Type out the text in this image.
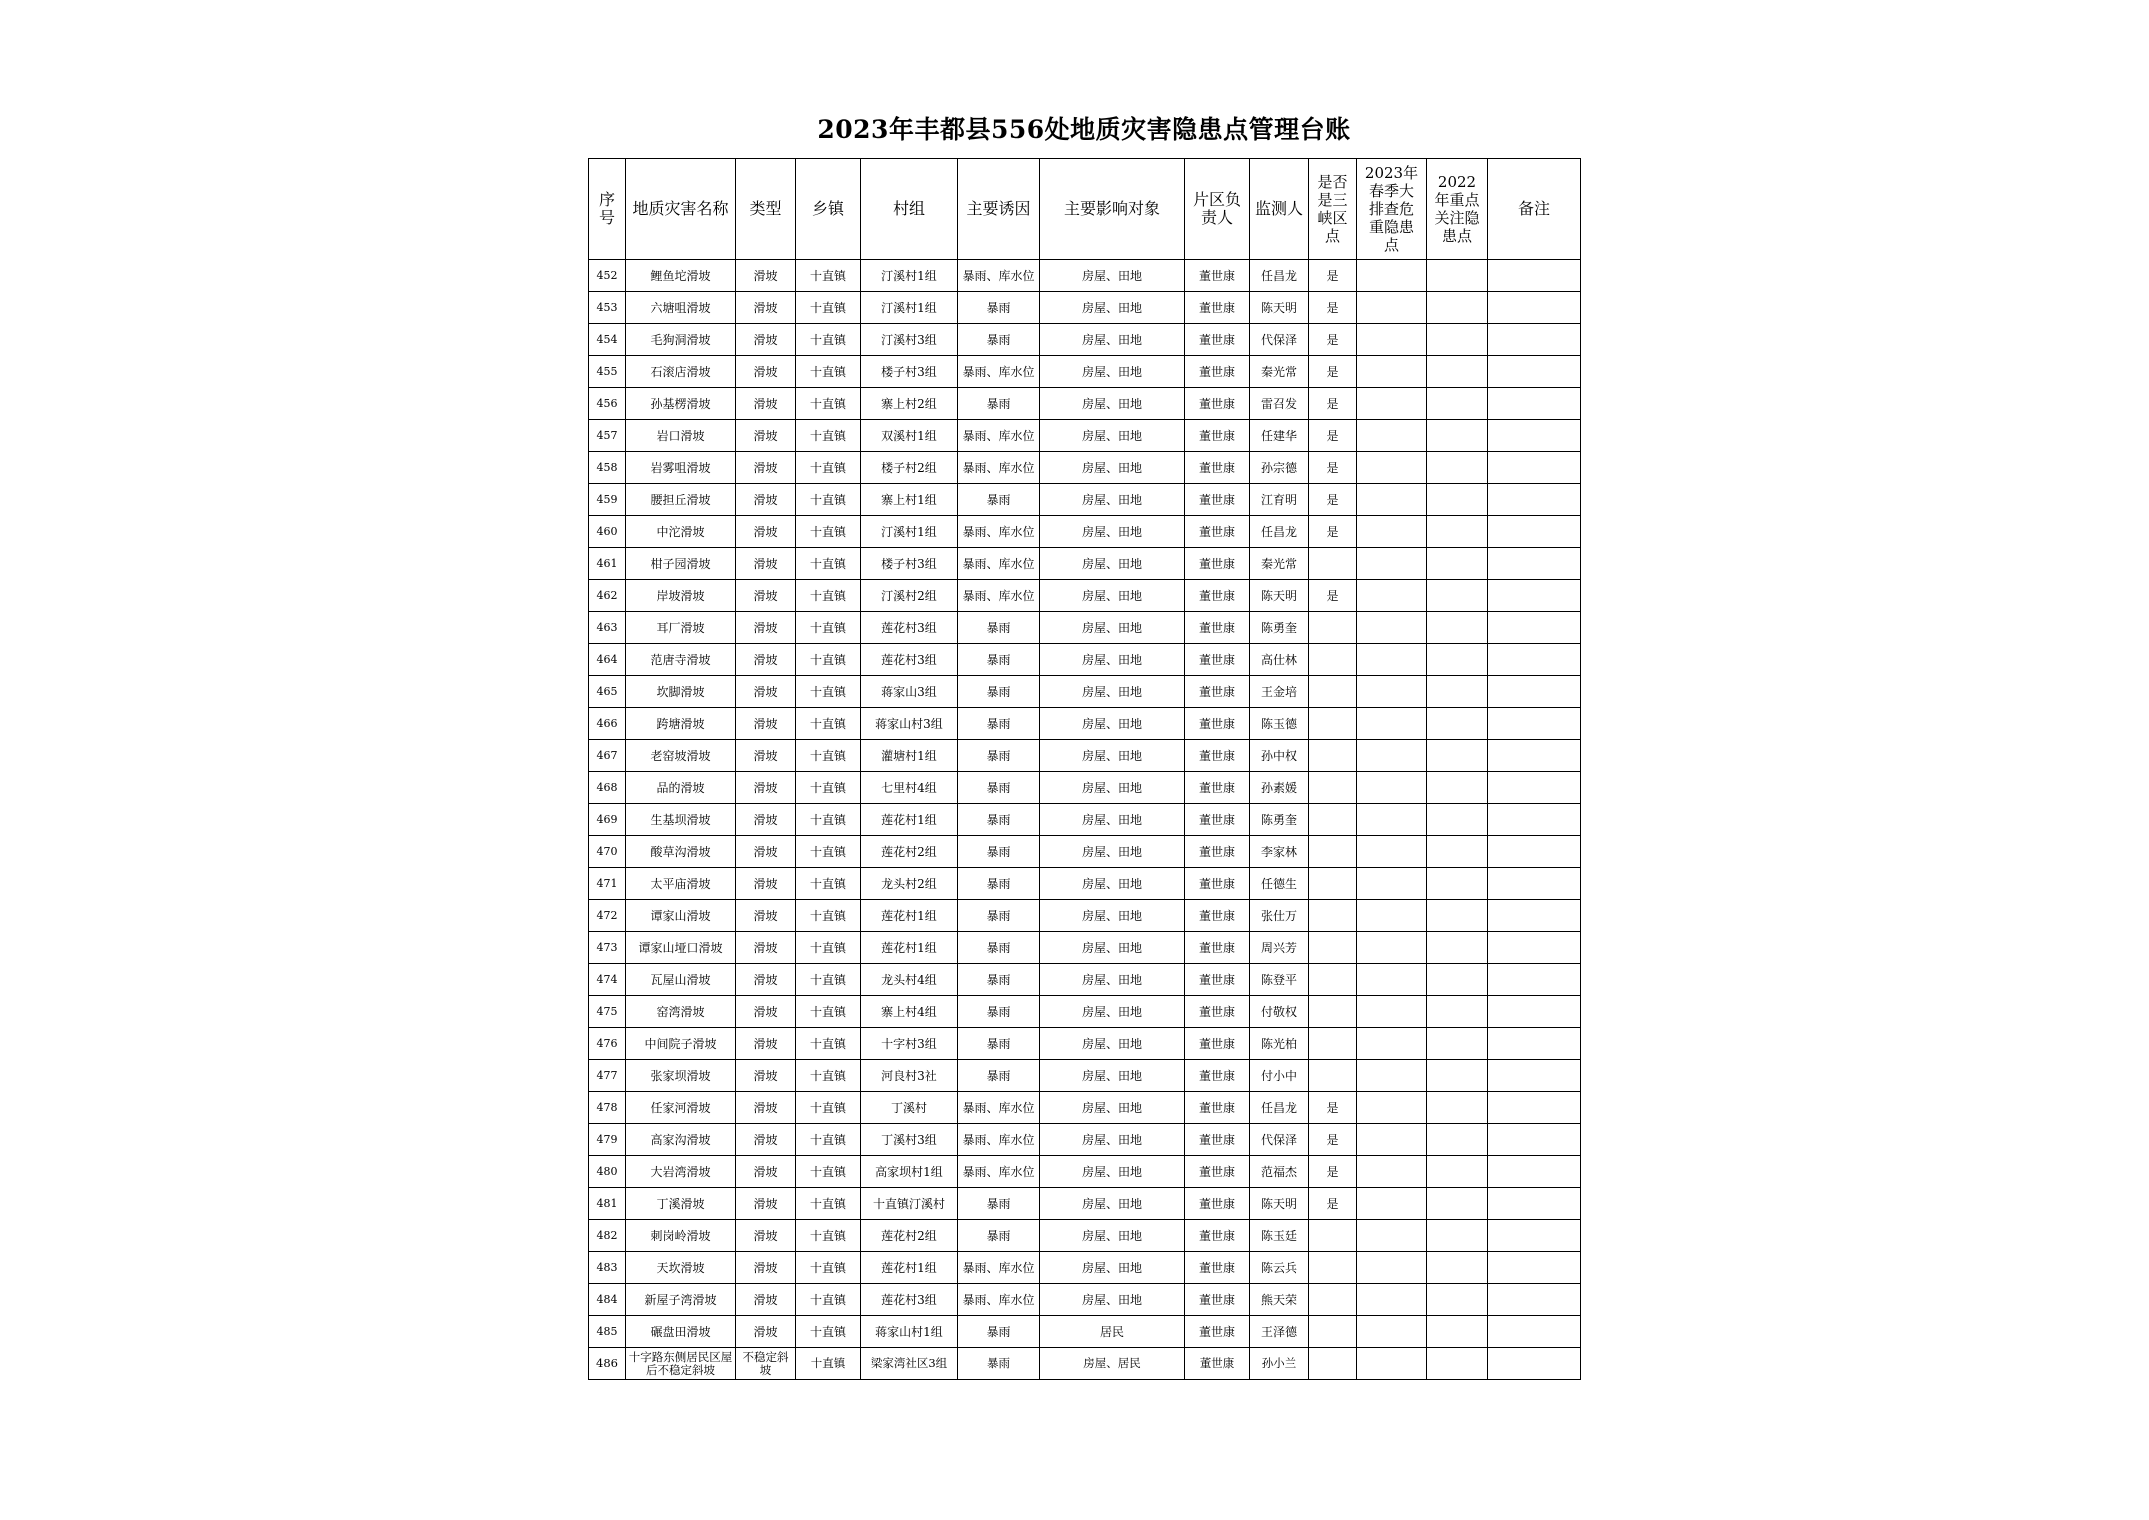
2023年丰都县556处地质灾害隐患点管理台账
序号	地质灾害名称	类型	乡镇	村组	主要诱因	主要影响对象	片区负责人	监测人	是否是三峡区点	2023年春季大排查危重隐患点	2022年重点关注隐患点	备注
452	鲤鱼坨滑坡	滑坡	十直镇	汀溪村1组	暴雨、库水位	房屋、田地	董世康	任昌龙	是			
453	六塘咀滑坡	滑坡	十直镇	汀溪村1组	暴雨	房屋、田地	董世康	陈天明	是			
454	毛狗洞滑坡	滑坡	十直镇	汀溪村3组	暴雨	房屋、田地	董世康	代保泽	是			
455	石滚店滑坡	滑坡	十直镇	楼子村3组	暴雨、库水位	房屋、田地	董世康	秦光常	是			
456	孙基楞滑坡	滑坡	十直镇	寨上村2组	暴雨	房屋、田地	董世康	雷召发	是			
457	岩口滑坡	滑坡	十直镇	双溪村1组	暴雨、库水位	房屋、田地	董世康	任建华	是			
458	岩雾咀滑坡	滑坡	十直镇	楼子村2组	暴雨、库水位	房屋、田地	董世康	孙宗德	是			
459	腰担丘滑坡	滑坡	十直镇	寨上村1组	暴雨	房屋、田地	董世康	江育明	是			
460	中沱滑坡	滑坡	十直镇	汀溪村1组	暴雨、库水位	房屋、田地	董世康	任昌龙	是			
461	柑子园滑坡	滑坡	十直镇	楼子村3组	暴雨、库水位	房屋、田地	董世康	秦光常				
462	岸坡滑坡	滑坡	十直镇	汀溪村2组	暴雨、库水位	房屋、田地	董世康	陈天明	是			
463	耳厂滑坡	滑坡	十直镇	莲花村3组	暴雨	房屋、田地	董世康	陈勇奎				
464	范唐寺滑坡	滑坡	十直镇	莲花村3组	暴雨	房屋、田地	董世康	高仕林				
465	坎脚滑坡	滑坡	十直镇	蒋家山3组	暴雨	房屋、田地	董世康	王金培				
466	跨塘滑坡	滑坡	十直镇	蒋家山村3组	暴雨	房屋、田地	董世康	陈玉德				
467	老窑坡滑坡	滑坡	十直镇	灌塘村1组	暴雨	房屋、田地	董世康	孙中权				
468	品的滑坡	滑坡	十直镇	七里村4组	暴雨	房屋、田地	董世康	孙素媛				
469	生基坝滑坡	滑坡	十直镇	莲花村1组	暴雨	房屋、田地	董世康	陈勇奎				
470	酸草沟滑坡	滑坡	十直镇	莲花村2组	暴雨	房屋、田地	董世康	李家林				
471	太平庙滑坡	滑坡	十直镇	龙头村2组	暴雨	房屋、田地	董世康	任德生				
472	谭家山滑坡	滑坡	十直镇	莲花村1组	暴雨	房屋、田地	董世康	张仕万				
473	谭家山垭口滑坡	滑坡	十直镇	莲花村1组	暴雨	房屋、田地	董世康	周兴芳				
474	瓦屋山滑坡	滑坡	十直镇	龙头村4组	暴雨	房屋、田地	董世康	陈登平				
475	窑湾滑坡	滑坡	十直镇	寨上村4组	暴雨	房屋、田地	董世康	付敬权				
476	中间院子滑坡	滑坡	十直镇	十字村3组	暴雨	房屋、田地	董世康	陈光柏				
477	张家坝滑坡	滑坡	十直镇	河良村3社	暴雨	房屋、田地	董世康	付小中				
478	任家河滑坡	滑坡	十直镇	丁溪村	暴雨、库水位	房屋、田地	董世康	任昌龙	是			
479	高家沟滑坡	滑坡	十直镇	丁溪村3组	暴雨、库水位	房屋、田地	董世康	代保泽	是			
480	大岩湾滑坡	滑坡	十直镇	高家坝村1组	暴雨、库水位	房屋、田地	董世康	范福杰	是			
481	丁溪滑坡	滑坡	十直镇	十直镇汀溪村	暴雨	房屋、田地	董世康	陈天明	是			
482	刺岗岭滑坡	滑坡	十直镇	莲花村2组	暴雨	房屋、田地	董世康	陈玉廷				
483	天坎滑坡	滑坡	十直镇	莲花村1组	暴雨、库水位	房屋、田地	董世康	陈云兵				
484	新屋子湾滑坡	滑坡	十直镇	莲花村3组	暴雨、库水位	房屋、田地	董世康	熊天荣				
485	碾盘田滑坡	滑坡	十直镇	蒋家山村1组	暴雨	居民	董世康	王泽德				
486	十字路东侧居民区屋后不稳定斜坡	不稳定斜坡	十直镇	梁家湾社区3组	暴雨	房屋、居民	董世康	孙小兰				
